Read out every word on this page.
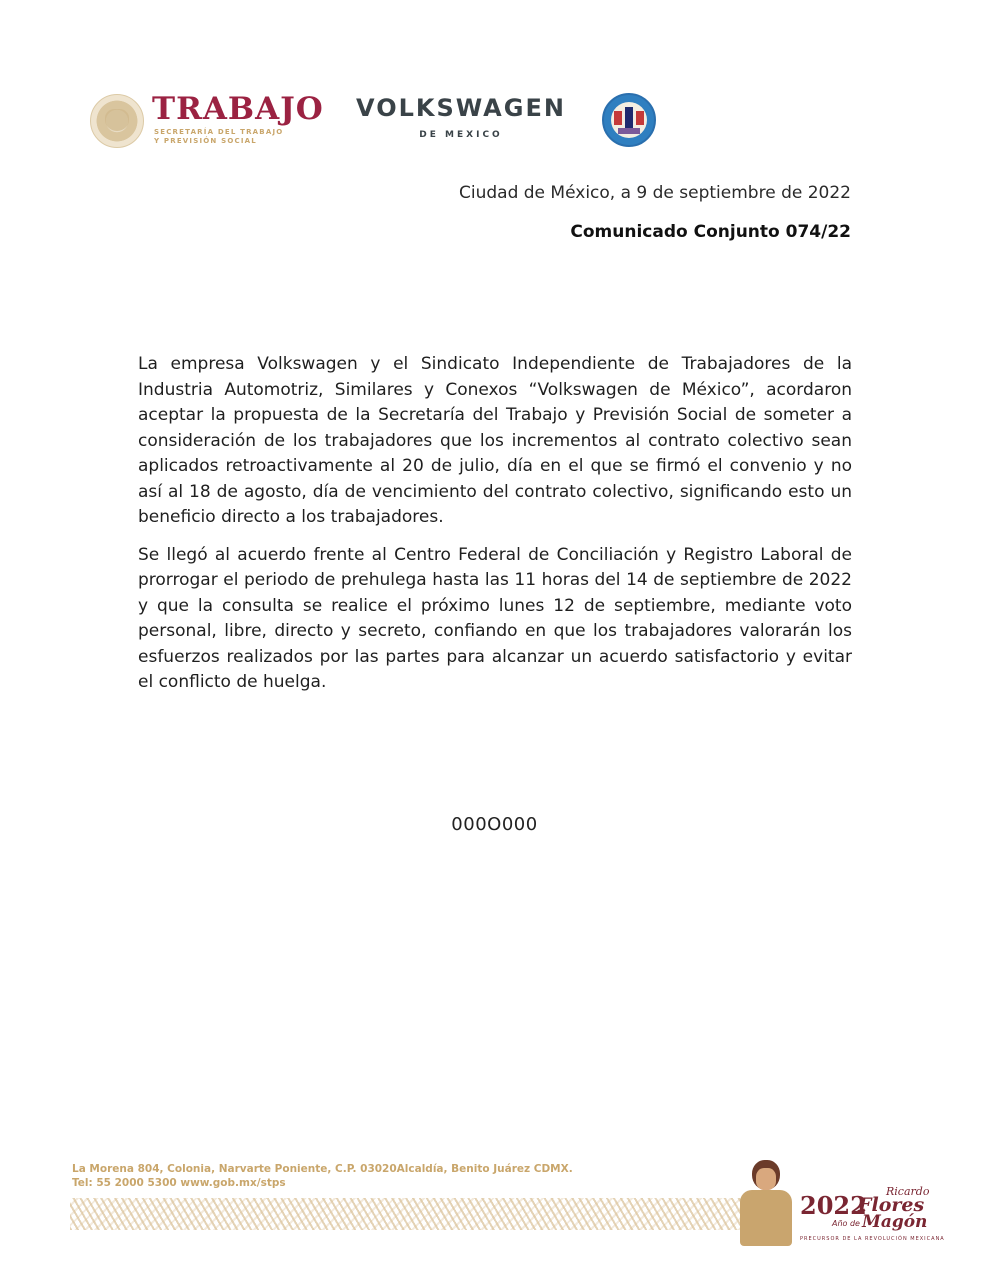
TRABAJO
SECRETARÍA DEL TRABAJO
Y PREVISIÓN SOCIAL
VOLKSWAGEN
DE MEXICO
Ciudad de México, a 9 de septiembre de 2022
Comunicado Conjunto 074/22

La empresa Volkswagen y el Sindicato Independiente de Trabajadores de la Industria Automotriz, Similares y Conexos “Volkswagen de México”, acordaron aceptar la propuesta de la Secretaría del Trabajo y Previsión Social de someter a consideración de los trabajadores que los incrementos al contrato colectivo sean aplicados retroactivamente al 20 de julio, día en el que se firmó el convenio y no así al 18 de agosto, día de vencimiento del contrato colectivo, significando esto un beneficio directo a los trabajadores.

Se llegó al acuerdo frente al Centro Federal de Conciliación y Registro Laboral de prorrogar el periodo de prehulega hasta las 11 horas del 14 de septiembre de 2022 y que la consulta se realice el próximo lunes 12 de septiembre, mediante voto personal, libre, directo y secreto, confiando en que los trabajadores valorarán los esfuerzos realizados por las partes para alcanzar un acuerdo satisfactorio y evitar el conflicto de huelga.

000O000
La Morena 804, Colonia, Narvarte Poniente, C.P. 03020Alcaldía, Benito Juárez CDMX.
Tel: 55 2000 5300 www.gob.mx/stps
2022
Año de
Ricardo
Flores
Magón
PRECURSOR DE LA REVOLUCIÓN MEXICANA
